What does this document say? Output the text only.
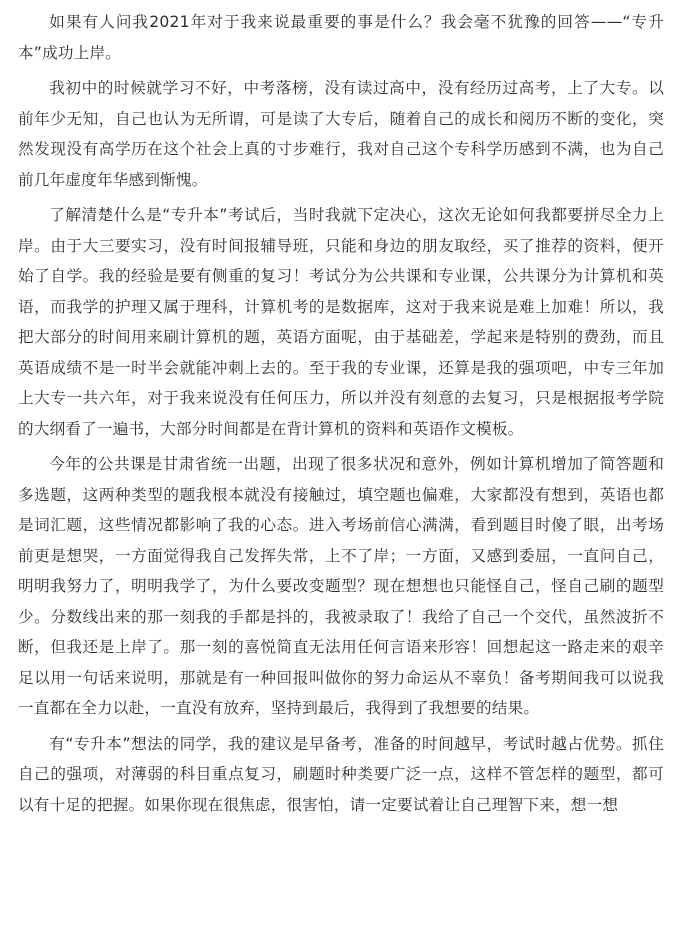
如果有人问我2021年对于我来说最重要的事是什么？我会毫不犹豫的回答——“专升本”成功上岸。

我初中的时候就学习不好，中考落榜，没有读过高中，没有经历过高考，上了大专。以前年少无知，自己也认为无所谓，可是读了大专后，随着自己的成长和阅历不断的变化，突然发现没有高学历在这个社会上真的寸步难行，我对自己这个专科学历感到不满，也为自己前几年虚度年华感到惭愧。

了解清楚什么是“专升本”考试后，当时我就下定决心，这次无论如何我都要拼尽全力上岸。由于大三要实习，没有时间报辅导班，只能和身边的朋友取经，买了推荐的资料，便开始了自学。我的经验是要有侧重的复习！考试分为公共课和专业课，公共课分为计算机和英语，而我学的护理又属于理科，计算机考的是数据库，这对于我来说是难上加难！所以，我把大部分的时间用来刷计算机的题，英语方面呢，由于基础差，学起来是特别的费劲，而且英语成绩不是一时半会就能冲刺上去的。至于我的专业课，还算是我的强项吧，中专三年加上大专一共六年，对于我来说没有任何压力，所以并没有刻意的去复习，只是根据报考学院的大纲看了一遍书，大部分时间都是在背计算机的资料和英语作文模板。

今年的公共课是甘肃省统一出题，出现了很多状况和意外，例如计算机增加了简答题和多选题，这两种类型的题我根本就没有接触过，填空题也偏难，大家都没有想到，英语也都是词汇题，这些情况都影响了我的心态。进入考场前信心满满，看到题目时傻了眼，出考场前更是想哭，一方面觉得我自己发挥失常，上不了岸；一方面，又感到委屈，一直问自己，明明我努力了，明明我学了，为什么要改变题型？现在想想也只能怪自己，怪自己刷的题型少。分数线出来的那一刻我的手都是抖的，我被录取了！我给了自己一个交代，虽然波折不断，但我还是上岸了。那一刻的喜悦简直无法用任何言语来形容！回想起这一路走来的艰辛足以用一句话来说明，那就是有一种回报叫做你的努力命运从不辜负！备考期间我可以说我一直都在全力以赴，一直没有放弃，坚持到最后，我得到了我想要的结果。

有“专升本”想法的同学，我的建议是早备考，准备的时间越早，考试时越占优势。抓住自己的强项，对薄弱的科目重点复习，刷题时种类要广泛一点，这样不管怎样的题型，都可以有十足的把握。如果你现在很焦虑，很害怕，请一定要试着让自己理智下来，想一想
